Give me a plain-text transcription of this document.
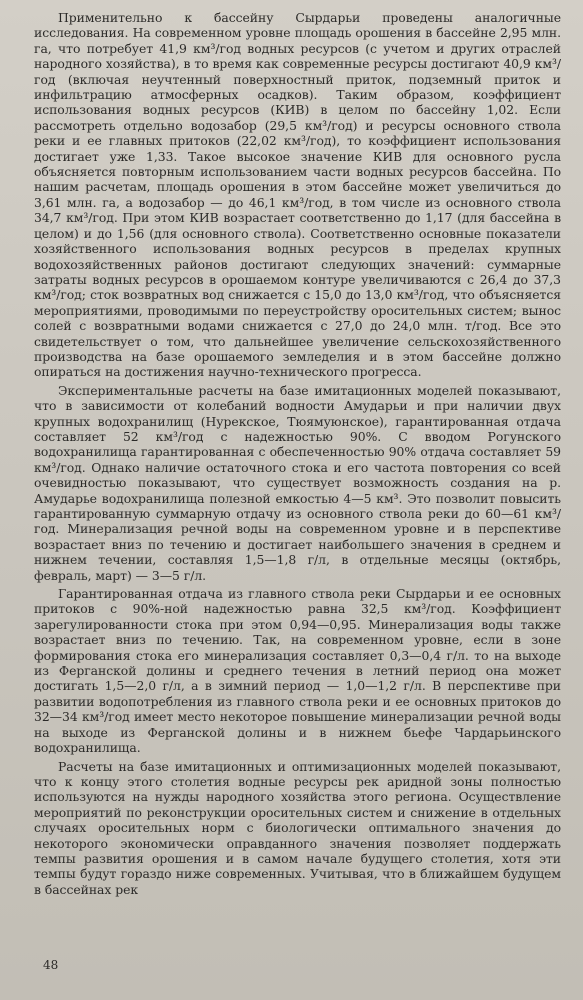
Применительно к бассейну Сырдарьи проведены аналогичные исследования. На современном уровне площадь орошения в бассейне 2,95 млн. га, что потребует 41,9 км³/год водных ресурсов (с учетом и других отраслей народного хозяйства), в то время как современные ресурсы достигают 40,9 км³/год (включая неучтенный поверхностный приток, подземный приток и инфильтрацию атмосферных осадков). Таким образом, коэффициент использования водных ресурсов (КИВ) в целом по бассейну 1,02. Если рассмотреть отдельно водозабор (29,5 км³/год) и ресурсы основного ствола реки и ее главных притоков (22,02 км³/год), то коэффициент использования достигает уже 1,33. Такое высокое значение КИВ для основного русла объясняется повторным использованием части водных ресурсов бассейна. По нашим расчетам, площадь орошения в этом бассейне может увеличиться до 3,61 млн. га, а водозабор — до 46,1 км³/год, в том числе из основного ствола 34,7 км³/год. При этом КИВ возрастает соответственно до 1,17 (для бассейна в целом) и до 1,56 (для основного ствола). Соответственно основные показатели хозяйственного использования водных ресурсов в пределах крупных водохозяйственных районов достигают следующих значений: суммарные затраты водных ресурсов в орошаемом контуре увеличиваются с 26,4 до 37,3 км³/год; сток возвратных вод снижается с 15,0 до 13,0 км³/год, что объясняется мероприятиями, проводимыми по переустройству оросительных систем; вынос солей с возвратными водами снижается с 27,0 до 24,0 млн. т/год. Все это свидетельствует о том, что дальнейшее увеличение сельскохозяйственного производства на базе орошаемого земледелия и в этом бассейне должно опираться на достижения научно-технического прогресса.

Экспериментальные расчеты на базе имитационных моделей показывают, что в зависимости от колебаний водности Амударьи и при наличии двух крупных водохранилищ (Нурекское, Тюямуюнское), гарантированная отдача составляет 52 км³/год с надежностью 90%. С вводом Рогунского водохранилища гарантированная с обеспеченностью 90% отдача составляет 59 км³/год. Однако наличие остаточного стока и его частота повторения со всей очевидностью показывают, что существует возможность создания на р. Амударье водохранилища полезной емкостью 4—5 км³. Это позволит повысить гарантированную суммарную отдачу из основного ствола реки до 60—61 км³/год. Минерализация речной воды на современном уровне и в перспективе возрастает вниз по течению и достигает наибольшего значения в среднем и нижнем течении, составляя 1,5—1,8 г/л, в отдельные месяцы (октябрь, февраль, март) — 3—5 г/л.

Гарантированная отдача из главного ствола реки Сырдарьи и ее основных притоков с 90%-ной надежностью равна 32,5 км³/год. Коэффициент зарегулированности стока при этом 0,94—0,95. Минерализация воды также возрастает вниз по течению. Так, на современном уровне, если в зоне формирования стока его минерализация составляет 0,3—0,4 г/л. то на выходе из Ферганской долины и среднего течения в летний период она может достигать 1,5—2,0 г/л, а в зимний период — 1,0—1,2 г/л. В перспективе при развитии водопотребления из главного ствола реки и ее основных притоков до 32—34 км³/год имеет место некоторое повышение минерализации речной воды на выходе из Ферганской долины и в нижнем бьефе Чардарьинского водохранилища.

Расчеты на базе имитационных и оптимизационных моделей показывают, что к концу этого столетия водные ресурсы рек аридной зоны полностью используются на нужды народного хозяйства этого региона. Осуществление мероприятий по реконструкции оросительных систем и снижение в отдельных случаях оросительных норм с биологически оптимального значения до некоторого экономически оправданного значения позволяет поддержать темпы развития орошения и в самом начале будущего столетия, хотя эти темпы будут гораздо ниже современных. Учитывая, что в ближайшем будущем в бассейнах рек

48
